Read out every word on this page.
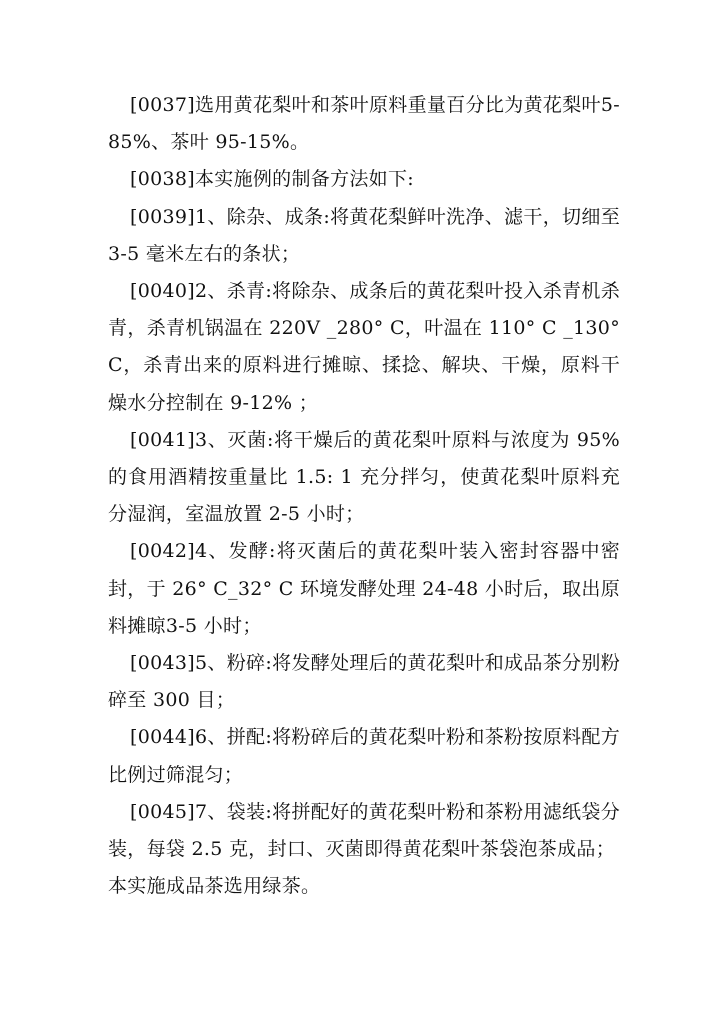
[0037]选用黄花梨叶和茶叶原料重量百分比为黄花梨叶5-85%、茶叶 95-15%。

[0038]本实施例的制备方法如下:

[0039]1、除杂、成条:将黄花梨鲜叶洗净、滤干，切细至3-5 毫米左右的条状；

[0040]2、杀青:将除杂、成条后的黄花梨叶投入杀青机杀青，杀青机锅温在 220V _280° C，叶温在 110° C _130° C，杀青出来的原料进行摊晾、揉捻、解块、干燥，原料干燥水分控制在 9-12% ；

[0041]3、灭菌:将干燥后的黄花梨叶原料与浓度为 95%的食用酒精按重量比 1.5: 1 充分拌匀，使黄花梨叶原料充分湿润，室温放置 2-5 小时；

[0042]4、发酵:将灭菌后的黄花梨叶装入密封容器中密封，于 26° C_32° C 环境发酵处理 24-48 小时后，取出原料摊晾3-5 小时；

[0043]5、粉碎:将发酵处理后的黄花梨叶和成品茶分别粉碎至 300 目；

[0044]6、拼配:将粉碎后的黄花梨叶粉和茶粉按原料配方比例过筛混匀；

[0045]7、袋装:将拼配好的黄花梨叶粉和茶粉用滤纸袋分装，每袋 2.5 克，封口、灭菌即得黄花梨叶茶袋泡茶成品；

本实施成品茶选用绿茶。
